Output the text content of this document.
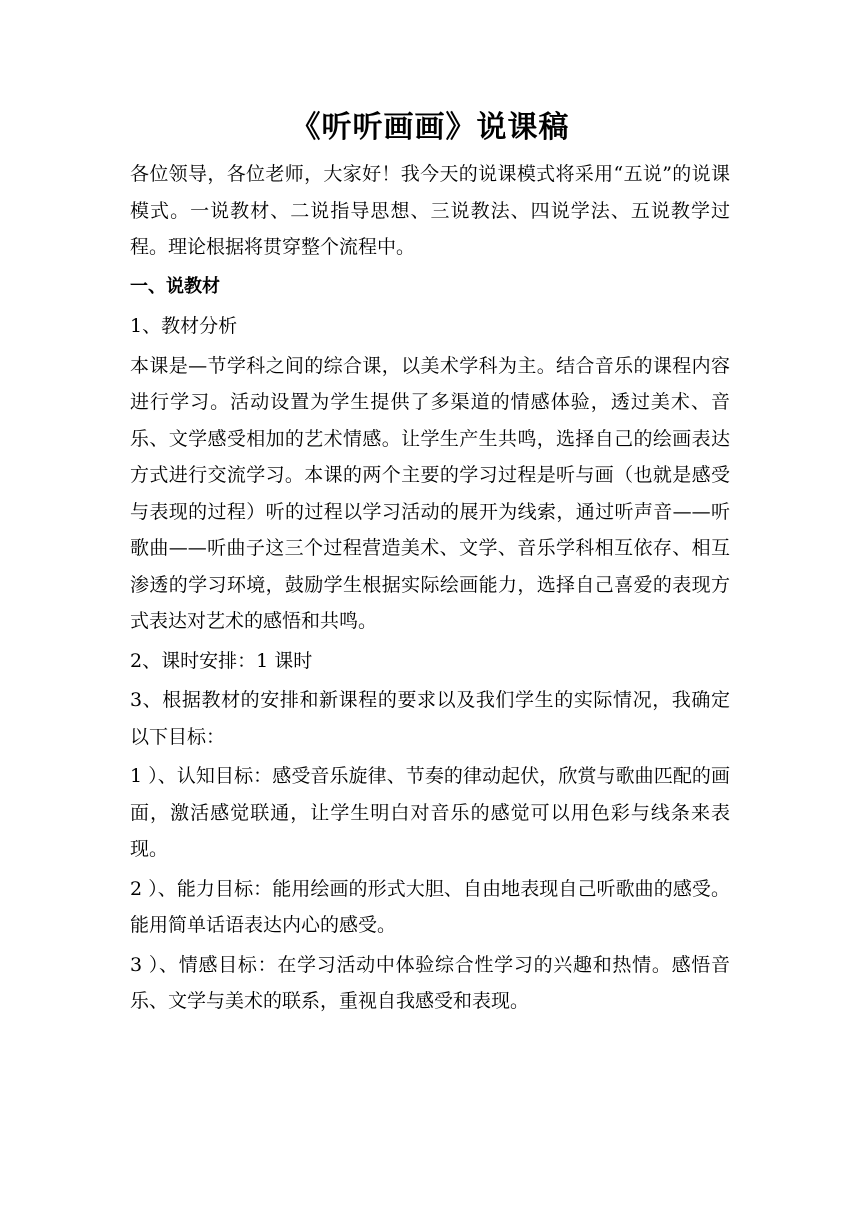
《听听画画》说课稿

各位领导，各位老师，大家好！我今天的说课模式将采用“五说”的说课模式。一说教材、二说指导思想、三说教法、四说学法、五说教学过程。理论根据将贯穿整个流程中。

一、说教材

1、教材分析

本课是—节学科之间的综合课，以美术学科为主。结合音乐的课程内容进行学习。活动设置为学生提供了多渠道的情感体验，透过美术、音乐、文学感受相加的艺术情感。让学生产生共鸣，选择自己的绘画表达方式进行交流学习。本课的两个主要的学习过程是听与画（也就是感受与表现的过程）听的过程以学习活动的展开为线索，通过听声音——听歌曲——听曲子这三个过程营造美术、文学、音乐学科相互依存、相互渗透的学习环境，鼓励学生根据实际绘画能力，选择自己喜爱的表现方式表达对艺术的感悟和共鸣。

2、课时安排：1 课时

3、根据教材的安排和新课程的要求以及我们学生的实际情况，我确定以下目标：

1 ）、认知目标：感受音乐旋律、节奏的律动起伏，欣赏与歌曲匹配的画面，激活感觉联通，让学生明白对音乐的感觉可以用色彩与线条来表现。

2 ）、能力目标：能用绘画的形式大胆、自由地表现自己听歌曲的感受。能用简单话语表达内心的感受。

3 ）、情感目标：在学习活动中体验综合性学习的兴趣和热情。感悟音乐、文学与美术的联系，重视自我感受和表现。
